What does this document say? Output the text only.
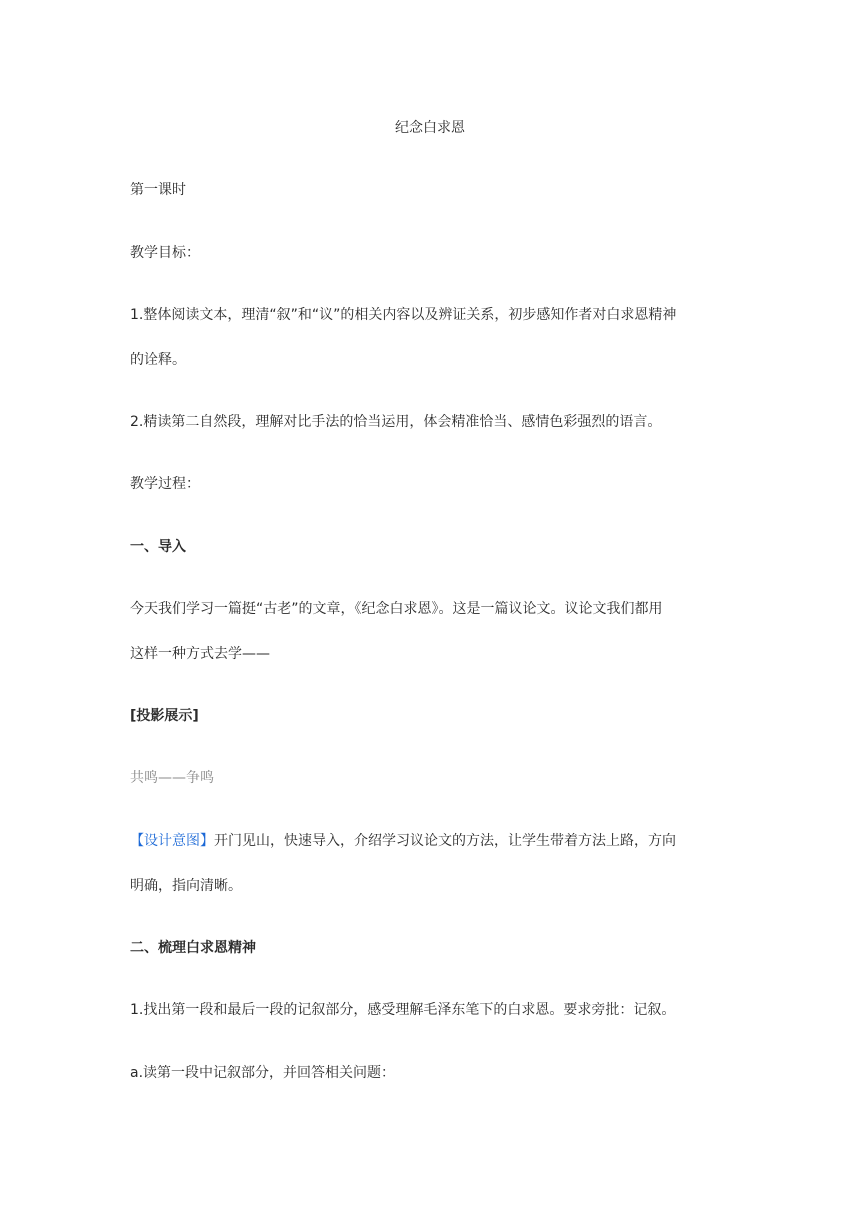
纪念白求恩
第一课时
教学目标：
1.整体阅读文本，理清“叙”和“议”的相关内容以及辨证关系，初步感知作者对白求恩精神
的诠释。
2.精读第二自然段，理解对比手法的恰当运用，体会精准恰当、感情色彩强烈的语言。
教学过程：
一、导入
今天我们学习一篇挺“古老”的文章，《纪念白求恩》。这是一篇议论文。议论文我们都用
这样一种方式去学——
[投影展示]
共鸣——争鸣
【设计意图】开门见山，快速导入，介绍学习议论文的方法，让学生带着方法上路，方向
明确，指向清晰。
二、梳理白求恩精神
1.找出第一段和最后一段的记叙部分，感受理解毛泽东笔下的白求恩。要求旁批：记叙。
a.读第一段中记叙部分，并回答相关问题：
